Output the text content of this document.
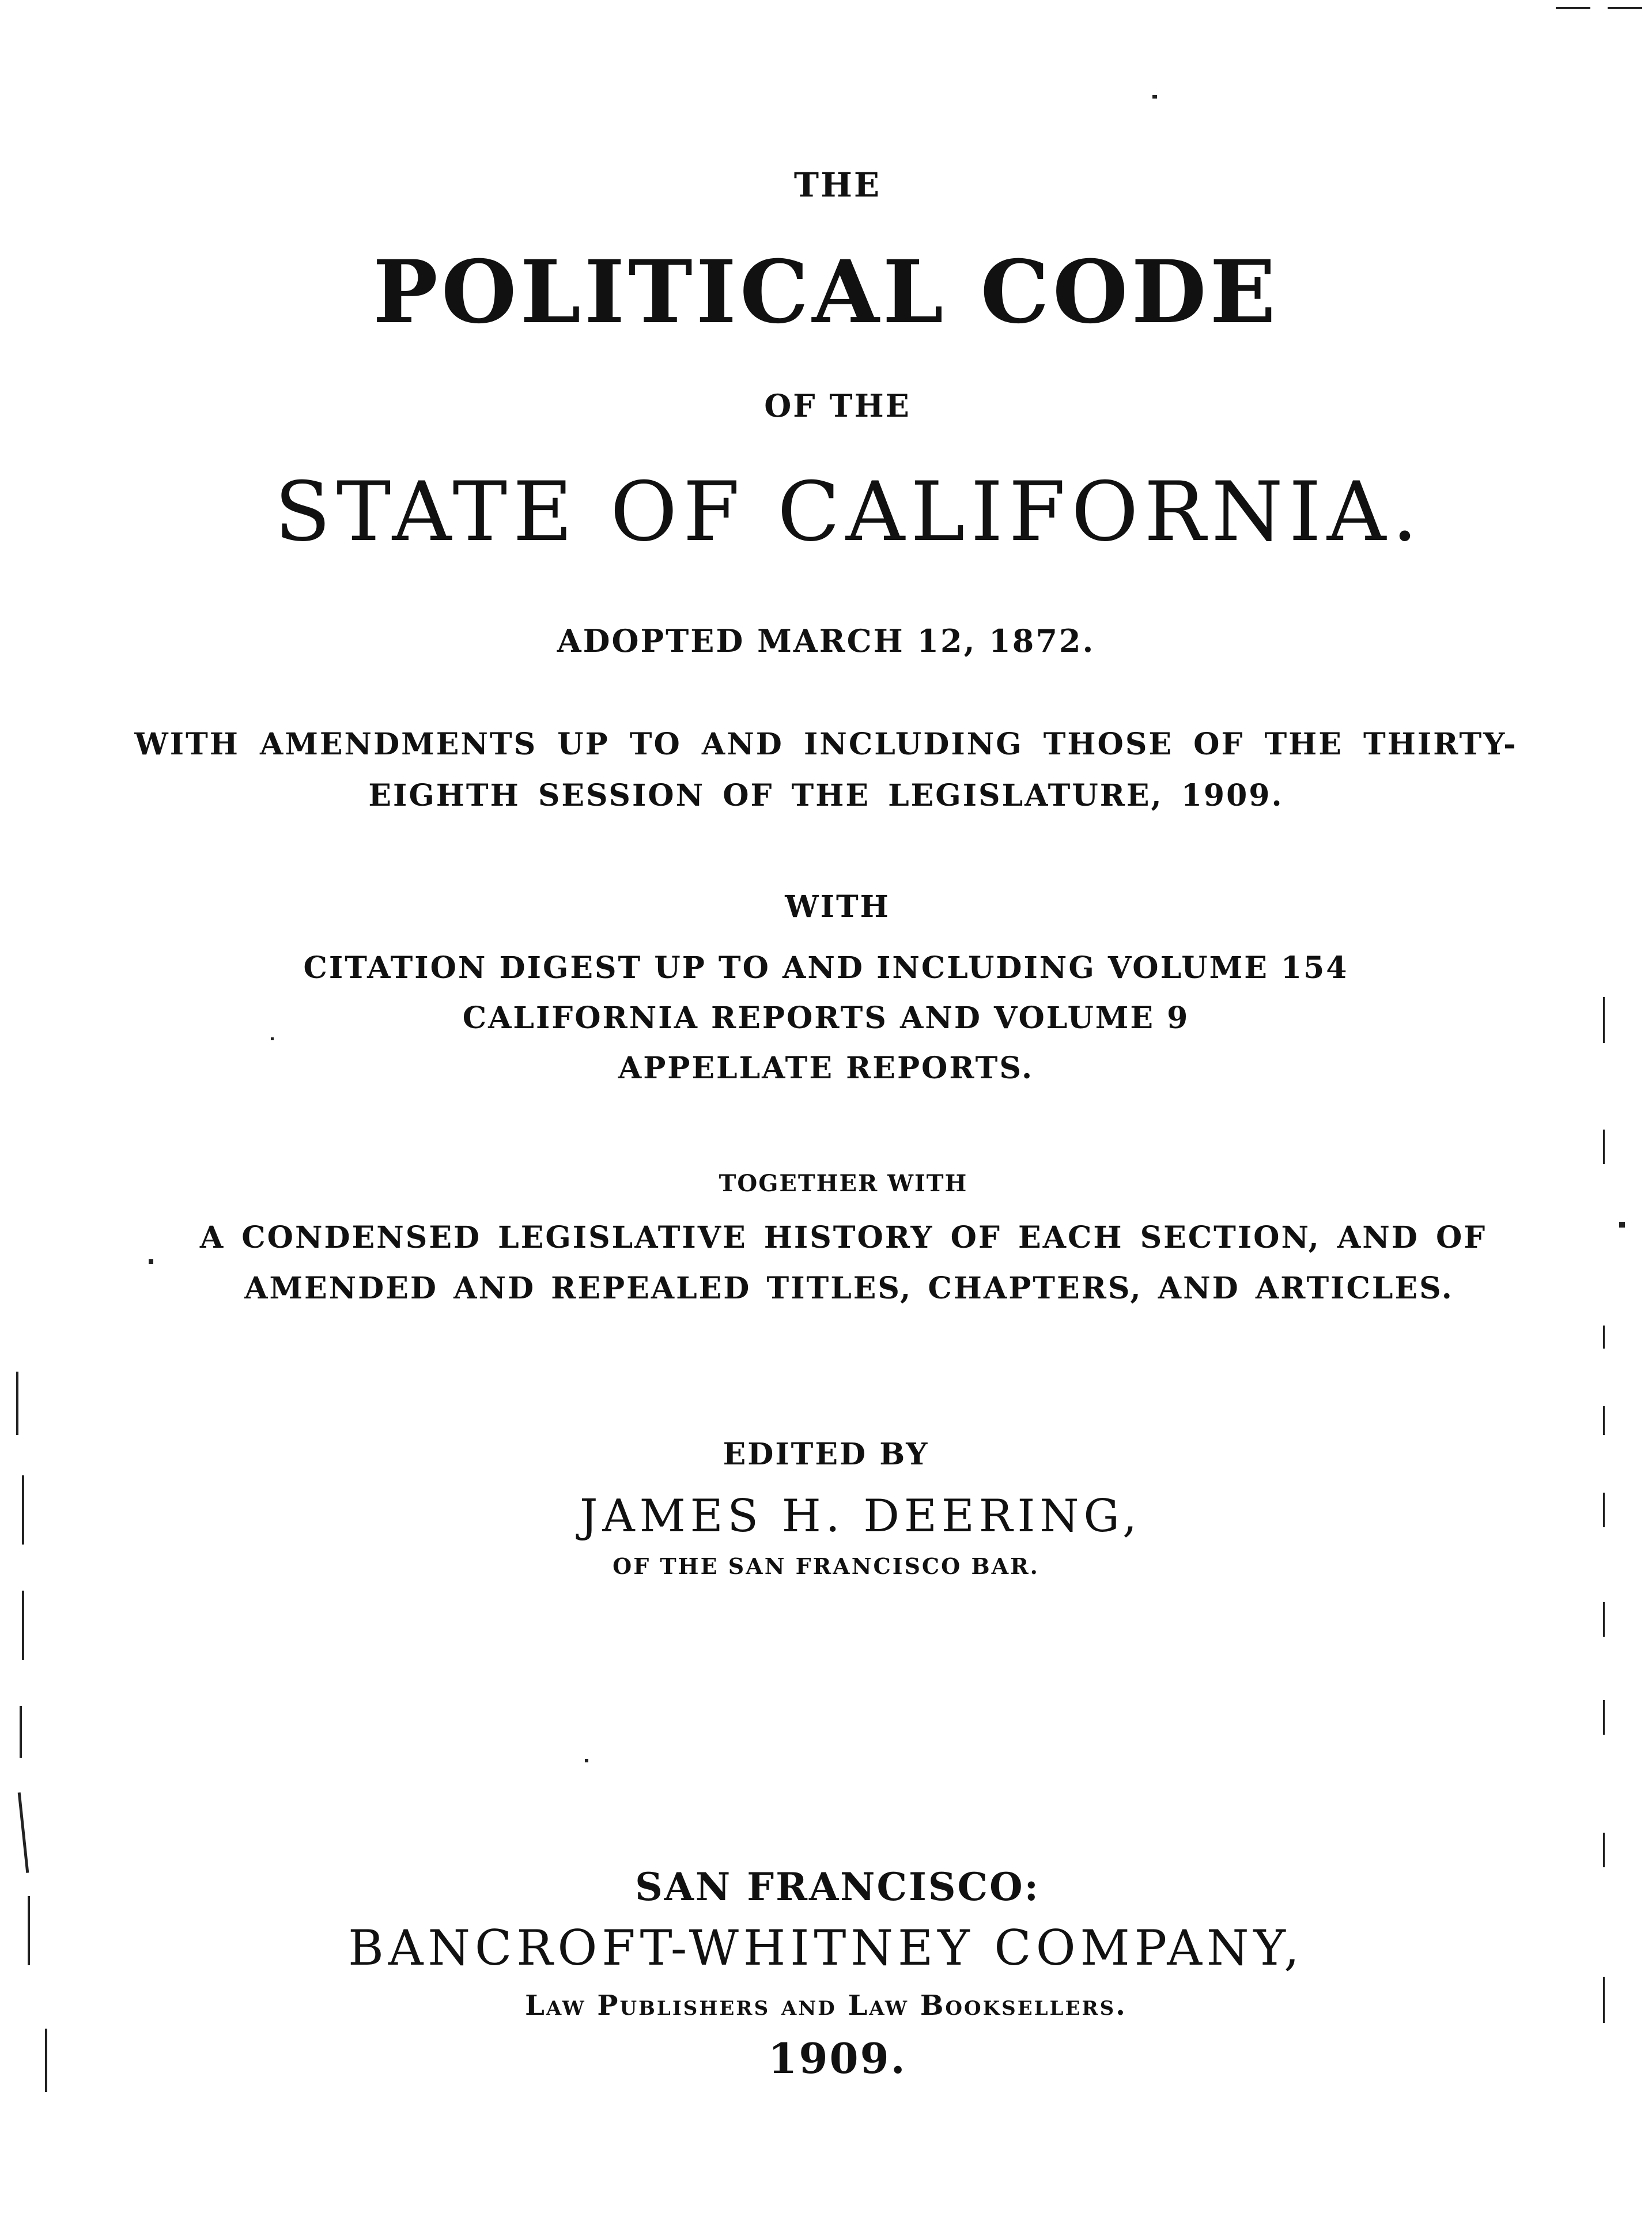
THE
POLITICAL CODE
OF THE
STATE OF CALIFORNIA.
ADOPTED MARCH 12, 1872.
WITH AMENDMENTS UP TO AND INCLUDING THOSE OF THE THIRTY-
EIGHTH SESSION OF THE LEGISLATURE, 1909.
WITH
CITATION DIGEST UP TO AND INCLUDING VOLUME 154
CALIFORNIA REPORTS AND VOLUME 9
APPELLATE REPORTS.
TOGETHER WITH
A CONDENSED LEGISLATIVE HISTORY OF EACH SECTION, AND OF
AMENDED AND REPEALED TITLES, CHAPTERS, AND ARTICLES.
EDITED BY
JAMES H. DEERING,
OF THE SAN FRANCISCO BAR.
SAN FRANCISCO:
BANCROFT-WHITNEY COMPANY,
Law Publishers and Law Booksellers.
1909.
